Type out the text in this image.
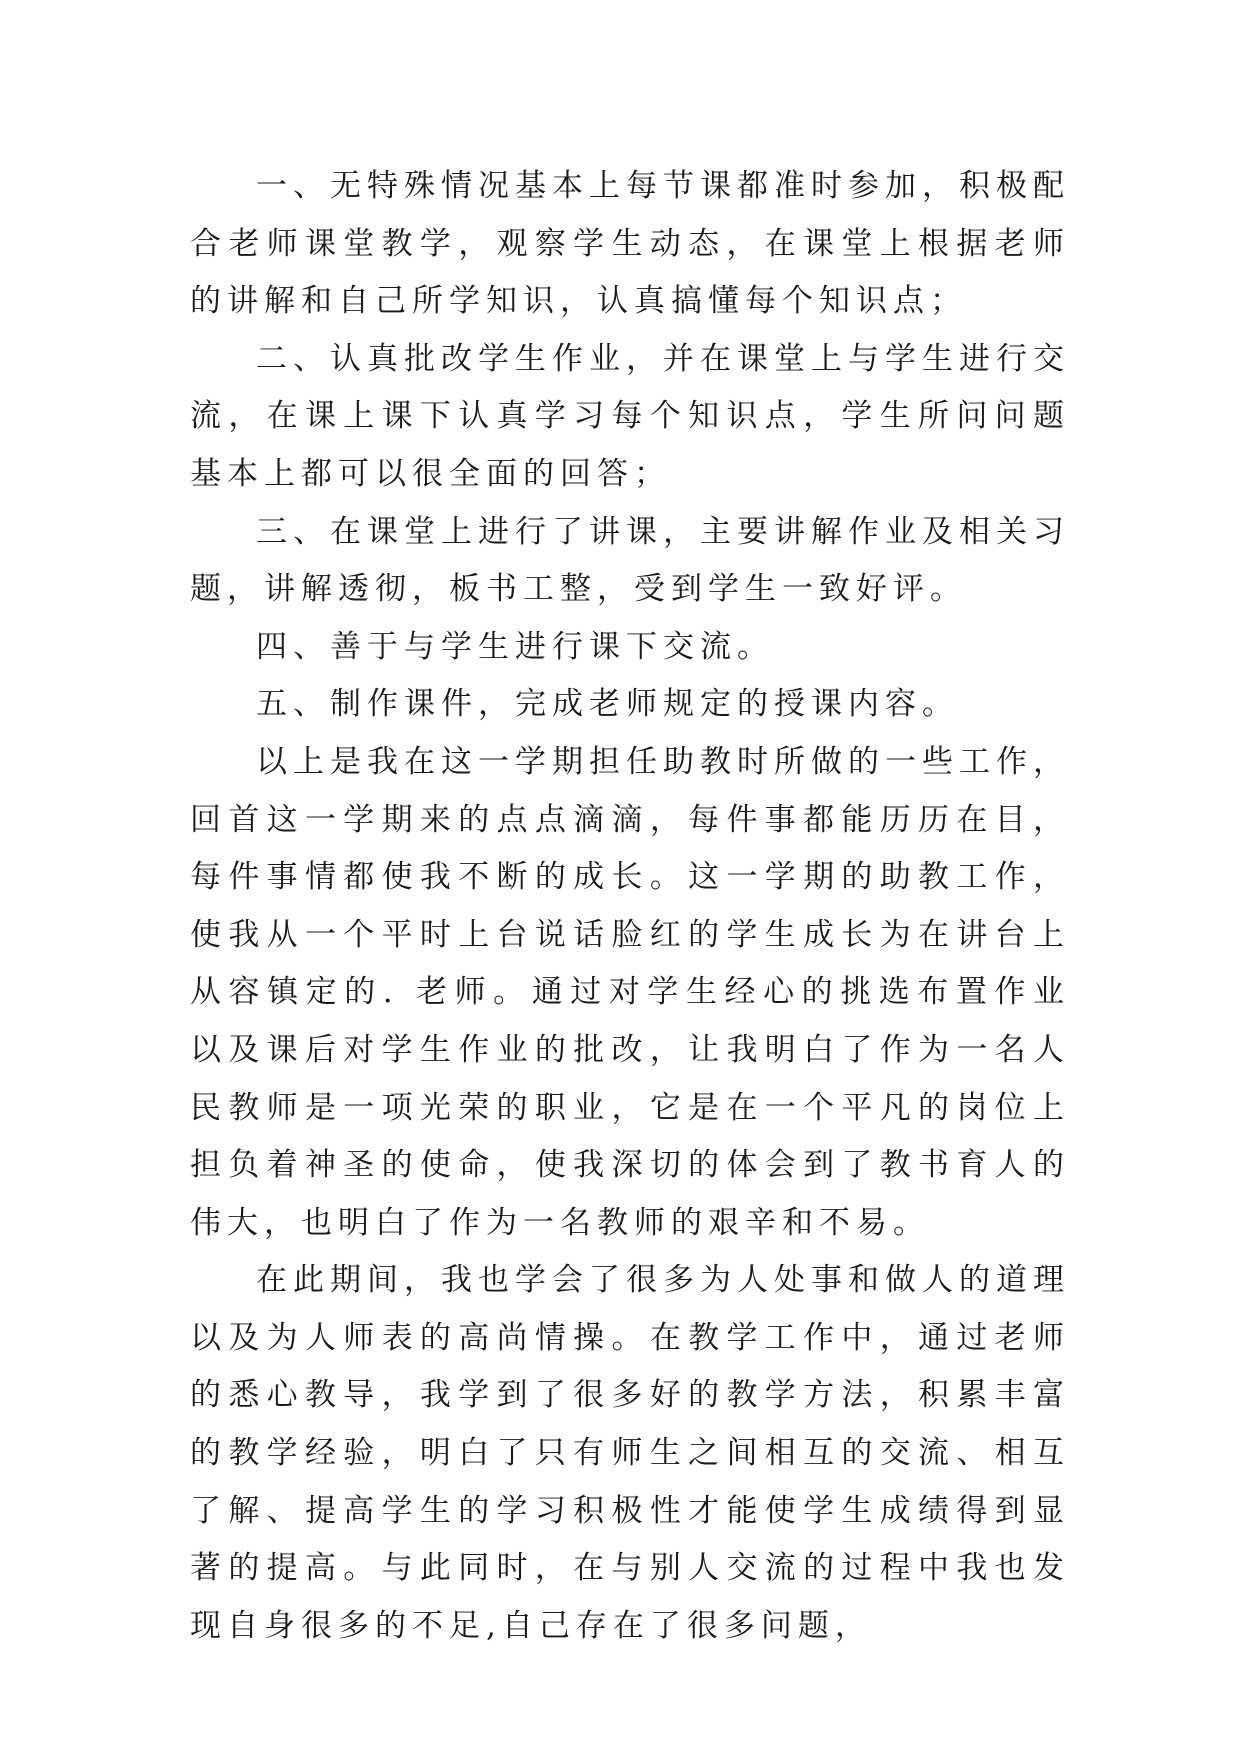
一、无特殊情况基本上每节课都准时参加，积极配合老师课堂教学，观察学生动态，在课堂上根据老师的讲解和自己所学知识，认真搞懂每个知识点；

二、认真批改学生作业，并在课堂上与学生进行交流，在课上课下认真学习每个知识点，学生所问问题基本上都可以很全面的回答；

三、在课堂上进行了讲课，主要讲解作业及相关习题，讲解透彻，板书工整，受到学生一致好评。

四、善于与学生进行课下交流。

五、制作课件，完成老师规定的授课内容。

以上是我在这一学期担任助教时所做的一些工作，回首这一学期来的点点滴滴，每件事都能历历在目，每件事情都使我不断的成长。这一学期的助教工作，使我从一个平时上台说话脸红的学生成长为在讲台上从容镇定的. 老师。通过对学生经心的挑选布置作业以及课后对学生作业的批改，让我明白了作为一名人民教师是一项光荣的职业，它是在一个平凡的岗位上担负着神圣的使命，使我深切的体会到了教书育人的伟大，也明白了作为一名教师的艰辛和不易。

在此期间，我也学会了很多为人处事和做人的道理以及为人师表的高尚情操。在教学工作中，通过老师的悉心教导，我学到了很多好的教学方法，积累丰富的教学经验，明白了只有师生之间相互的交流、相互了解、提高学生的学习积极性才能使学生成绩得到显著的提高。与此同时，在与别人交流的过程中我也发现自身很多的不足,自己存在了很多问题，
